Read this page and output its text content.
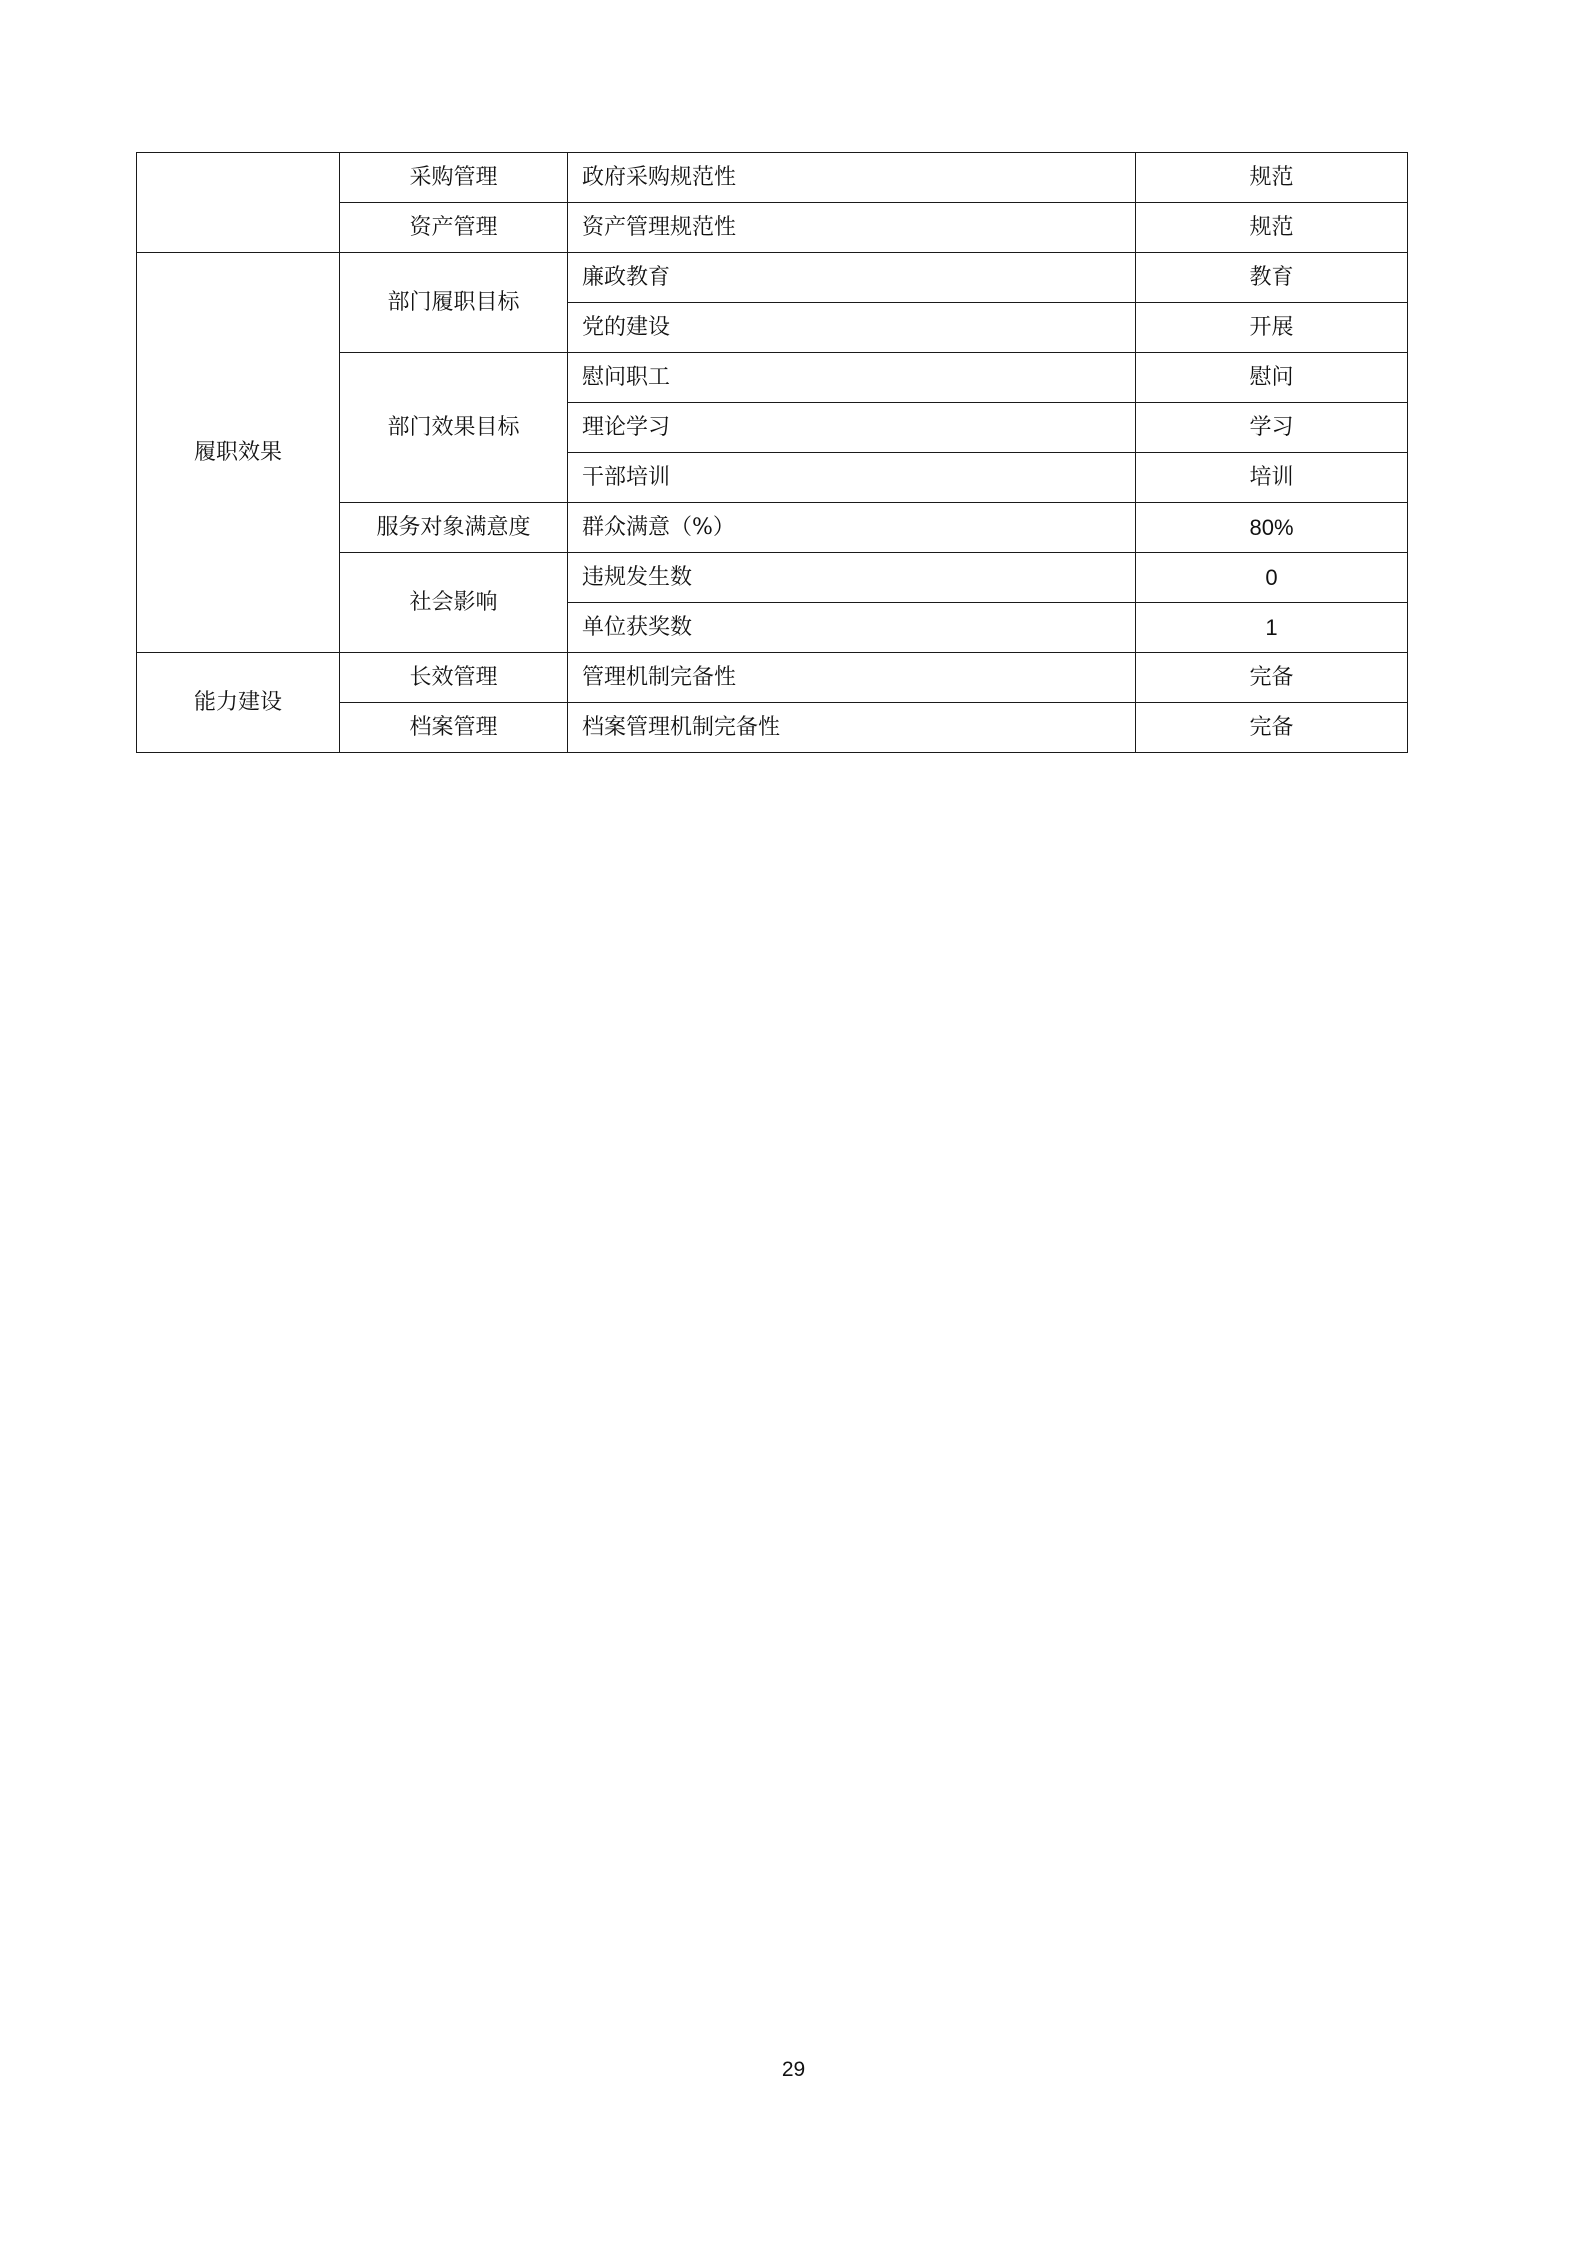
	采购管理	政府采购规范性	规范
	资产管理	资产管理规范性	规范
履职效果	部门履职目标	廉政教育	教育
		党的建设	开展
	部门效果目标	慰问职工	慰问
		理论学习	学习
		干部培训	培训
	服务对象满意度	群众满意（%）	80%
	社会影响	违规发生数	0
		单位获奖数	1
能力建设	长效管理	管理机制完备性	完备
	档案管理	档案管理机制完备性	完备
29
